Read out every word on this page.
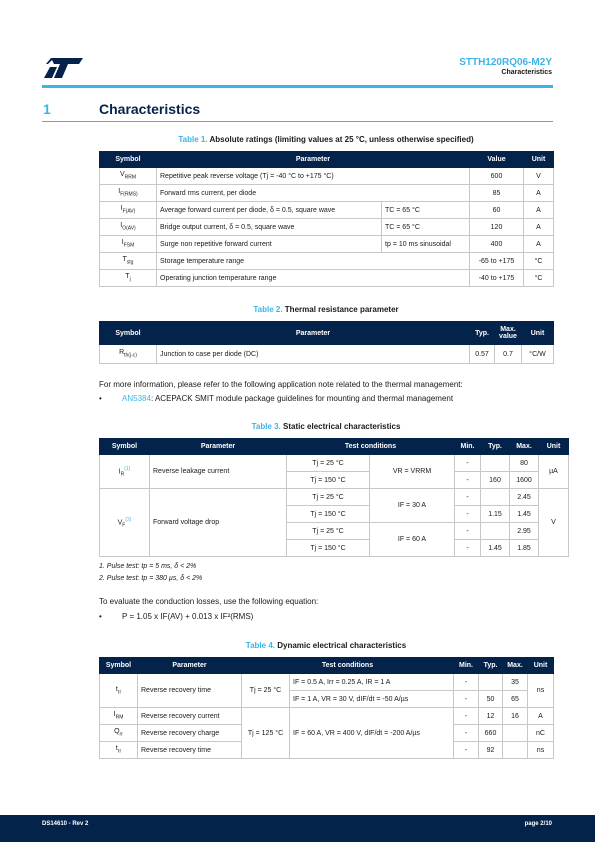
STTH120RQ06-M2Y
Characteristics
1	Characteristics
Table 1. Absolute ratings (limiting values at 25 °C, unless otherwise specified)
Symbol	Parameter		Value	Unit
$V_{RRM}$	Repetitive peak reverse voltage (Tj = -40 °C to +175 °C)		600	V
$I_{F(RMS)}$	Forward rms current, per diode		85	A
$I_{F(AV)}$	Average forward current per diode, δ = 0.5, square wave	TC = 65 °C	60	A
$I_{O(AV)}$	Bridge output current, δ = 0.5, square wave	TC = 65 °C	120	A
$I_{FSM}$	Surge non repetitive forward current	tp = 10 ms sinusoidal	400	A
$T_{stg}$	Storage temperature range		-65 to +175	°C
$T_j$	Operating junction temperature range		-40 to +175	°C
Table 2. Thermal resistance parameter
Symbol	Parameter	Typ.	Max. value	Unit
$R_{th(j-c)}$	Junction to case per diode (DC)	0.57	0.7	°C/W
For more information, please refer to the following application note related to the thermal management:
•	AN5384: ACEPACK SMIT module package guidelines for mounting and thermal management
Table 3. Static electrical characteristics
Symbol	Parameter	Test conditions		Min.	Typ.	Max.	Unit
$I_R^{(1)}$	Reverse leakage current	Tj = 25 °C	VR = VRRM	-		80	µA
		Tj = 150 °C		-	160	1600	
$V_F^{(2)}$	Forward voltage drop	Tj = 25 °C	IF = 30 A	-		2.45	V
		Tj = 150 °C		-	1.15	1.45	
		Tj = 25 °C	IF = 60 A	-		2.95	
		Tj = 150 °C		-	1.45	1.85	
1. Pulse test: tp = 5 ms, δ < 2%
2. Pulse test: tp = 380 µs, δ < 2%
To evaluate the conduction losses, use the following equation:
•	P = 1.05 x IF(AV) + 0.013 x IF²(RMS)
Table 4. Dynamic electrical characteristics
Symbol	Parameter	Test conditions		Min.	Typ.	Max.	Unit
$t_{rr}$	Reverse recovery time	Tj = 25 °C	IF = 0.5 A, Irr = 0.25 A, IR = 1 A	-		35	ns
			IF = 1 A, VR = 30 V, dIF/dt = -50 A/µs	-	50	65	
$I_{RM}$	Reverse recovery current	Tj = 125 °C	IF = 60 A, VR = 400 V, dIF/dt = -200 A/µs	-	12	16	A
$Q_{rr}$	Reverse recovery charge			-	660		nC
$t_{rr}$	Reverse recovery time			-	92		ns
DS14610 - Rev 2	page 2/10
